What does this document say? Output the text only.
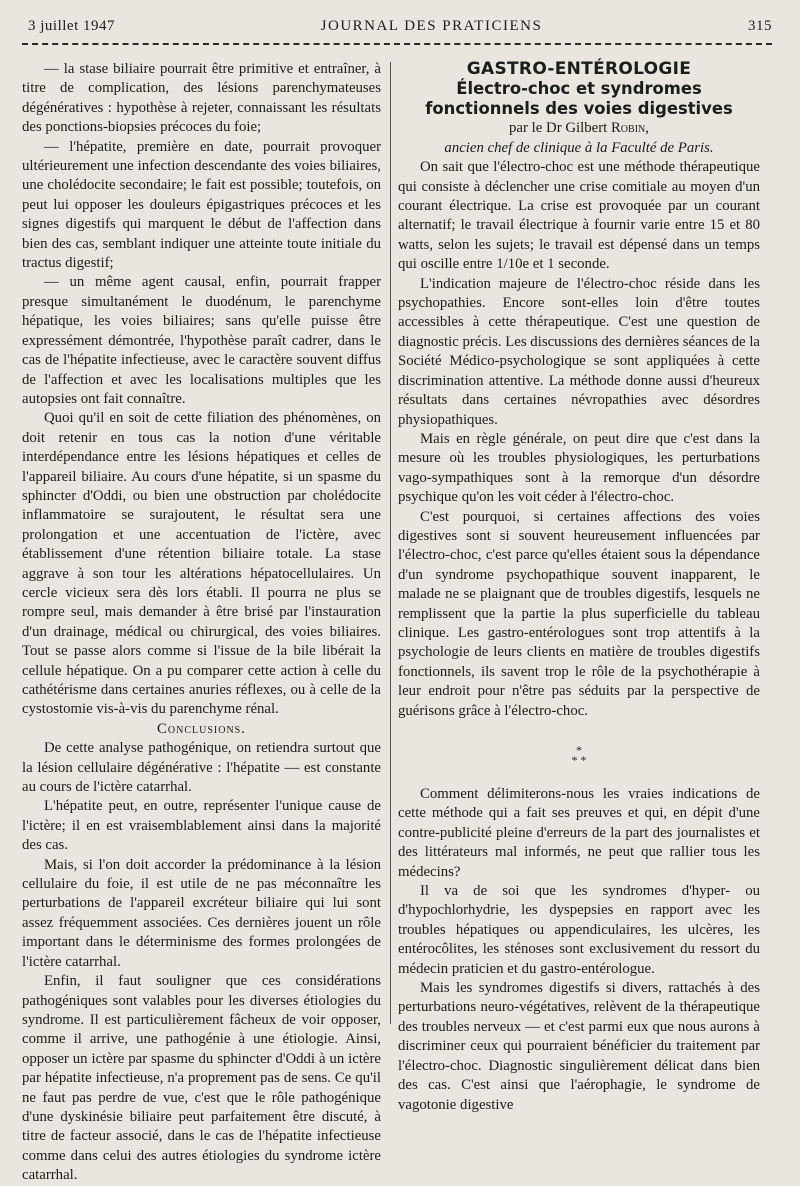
3 juillet 1947	JOURNAL DES PRATICIENS	315

— la stase biliaire pourrait être primitive et entraîner, à titre de complication, des lésions parenchymateuses dégénératives : hypothèse à rejeter, connaissant les résultats des ponctions-biopsies précoces du foie;

— l'hépatite, première en date, pourrait provoquer ultérieurement une infection descendante des voies biliaires, une cholédocite secondaire; le fait est possible; toutefois, on peut lui opposer les douleurs épigastriques précoces et les signes digestifs qui marquent le début de l'affection dans bien des cas, semblant indiquer une atteinte toute initiale du tractus digestif;

— un même agent causal, enfin, pourrait frapper presque simultanément le duodénum, le parenchyme hépatique, les voies biliaires; sans qu'elle puisse être expressément démontrée, l'hypothèse paraît cadrer, dans le cas de l'hépatite infectieuse, avec le caractère souvent diffus de l'affection et avec les localisations multiples que les autopsies ont fait connaître.

Quoi qu'il en soit de cette filiation des phénomènes, on doit retenir en tous cas la notion d'une véritable interdépendance entre les lésions hépatiques et celles de l'appareil biliaire. Au cours d'une hépatite, si un spasme du sphincter d'Oddi, ou bien une obstruction par cholédocite inflammatoire se surajoutent, le résultat sera une prolongation et une accentuation de l'ictère, avec établissement d'une rétention biliaire totale. La stase aggrave à son tour les altérations hépatocellulaires. Un cercle vicieux sera dès lors établi. Il pourra ne plus se rompre seul, mais demander à être brisé par l'instauration d'un drainage, médical ou chirurgical, des voies biliaires. Tout se passe alors comme si l'issue de la bile libérait la cellule hépatique. On a pu comparer cette action à celle du cathétérisme dans certaines anuries réflexes, ou à celle de la cystostomie vis-à-vis du parenchyme rénal.

Conclusions.

De cette analyse pathogénique, on retiendra surtout que la lésion cellulaire dégénérative : l'hépatite — est constante au cours de l'ictère catarrhal.

L'hépatite peut, en outre, représenter l'unique cause de l'ictère; il en est vraisemblablement ainsi dans la majorité des cas.

Mais, si l'on doit accorder la prédominance à la lésion cellulaire du foie, il est utile de ne pas méconnaître les perturbations de l'appareil excréteur biliaire qui lui sont assez fréquemment associées. Ces dernières jouent un rôle important dans le déterminisme des formes prolongées de l'ictère catarrhal.

Enfin, il faut souligner que ces considérations pathogéniques sont valables pour les diverses étiologies du syndrome. Il est particulièrement fâcheux de voir opposer, comme il arrive, une pathogénie à une étiologie. Ainsi, opposer un ictère par spasme du sphincter d'Oddi à un ictère par hépatite infectieuse, n'a proprement pas de sens. Ce qu'il ne faut pas perdre de vue, c'est que le rôle pathogénique d'une dyskinésie biliaire peut parfaitement être discuté, à titre de facteur associé, dans le cas de l'hépatite infectieuse comme dans celui des autres étiologies du syndrome ictère catarrhal.

GASTRO-ENTÉROLOGIE

Électro-choc et syndromes fonctionnels des voies digestives

par le Dr Gilbert Robin,

ancien chef de clinique à la Faculté de Paris.

On sait que l'électro-choc est une méthode thérapeutique qui consiste à déclencher une crise comitiale au moyen d'un courant électrique. La crise est provoquée par un courant alternatif; le travail électrique à fournir varie entre 15 et 80 watts, selon les sujets; le travail est dépensé dans un temps qui oscille entre 1/10e et 1 seconde.

L'indication majeure de l'électro-choc réside dans les psychopathies. Encore sont-elles loin d'être toutes accessibles à cette thérapeutique. C'est une question de diagnostic précis. Les discussions des dernières séances de la Société Médico-psychologique se sont appliquées à cette discrimination attentive. La méthode donne aussi d'heureux résultats dans certaines névropathies avec désordres physiopathiques.

Mais en règle générale, on peut dire que c'est dans la mesure où les troubles physiologiques, les perturbations vago-sympathiques sont à la remorque d'un désordre psychique qu'on les voit céder à l'électro-choc.

C'est pourquoi, si certaines affections des voies digestives sont si souvent heureusement influencées par l'électro-choc, c'est parce qu'elles étaient sous la dépendance d'un syndrome psychopathique souvent inapparent, le malade ne se plaignant que de troubles digestifs, lesquels ne remplissent que la partie la plus superficielle du tableau clinique. Les gastro-entérologues sont trop attentifs à la psychologie de leurs clients en matière de troubles digestifs fonctionnels, ils savent trop le rôle de la psychothérapie à leur endroit pour n'être pas séduits par la perspective de guérisons grâce à l'électro-choc.

*
* *

Comment délimiterons-nous les vraies indications de cette méthode qui a fait ses preuves et qui, en dépit d'une contre-publicité pleine d'erreurs de la part des journalistes et des littérateurs mal informés, ne peut que rallier tous les médecins?

Il va de soi que les syndromes d'hyper- ou d'hypochlorhydrie, les dyspepsies en rapport avec les troubles hépatiques ou appendiculaires, les ulcères, les entérocôlites, les sténoses sont exclusivement du ressort du médecin praticien et du gastro-entérologue.

Mais les syndromes digestifs si divers, rattachés à des perturbations neuro-végétatives, relèvent de la thérapeutique des troubles nerveux — et c'est parmi eux que nous aurons à discriminer ceux qui pourraient bénéficier du traitement par l'électro-choc. Diagnostic singulièrement délicat dans bien des cas. C'est ainsi que l'aérophagie, le syndrome de vagotonie digestive
